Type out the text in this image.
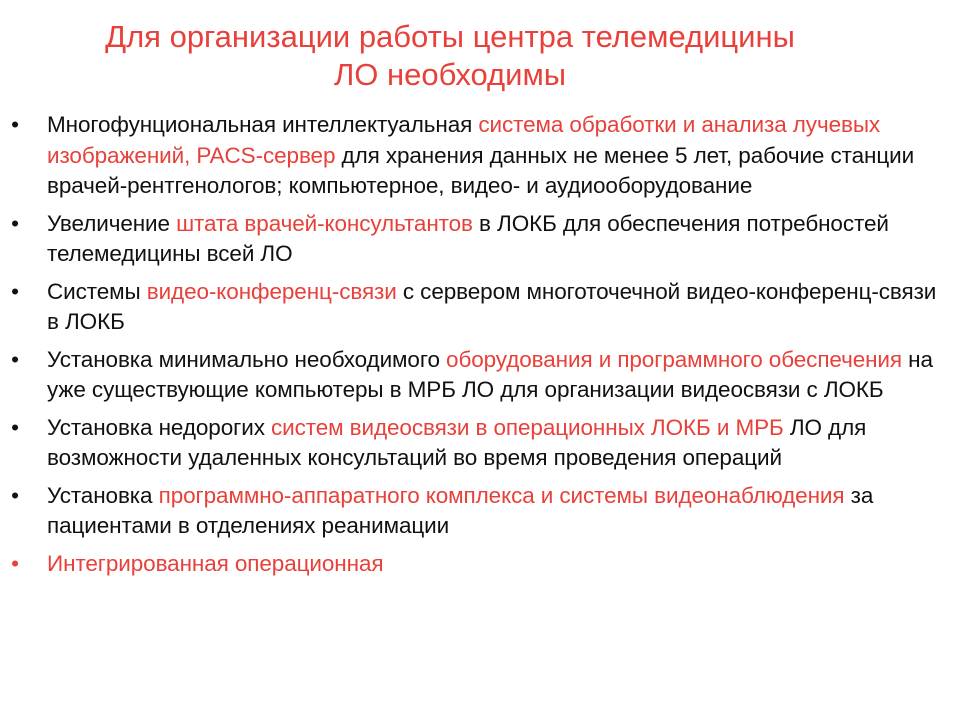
Для организации работы центра телемедицины
ЛО необходимы
• Многофунциональная интеллектуальная система обработки и анализа лучевых изображений, PACS-сервер для хранения данных не менее 5 лет, рабочие станции врачей-рентгенологов; компьютерное, видео- и аудиооборудование
• Увеличение штата врачей-консультантов в ЛОКБ для обеспечения потребностей телемедицины всей ЛО
• Системы видео-конференц-связи с сервером многоточечной видео-конференц-связи в ЛОКБ
• Установка минимально необходимого оборудования и программного обеспечения на уже существующие компьютеры в МРБ ЛО для организации видеосвязи с ЛОКБ
• Установка недорогих систем видеосвязи в операционных ЛОКБ и МРБ ЛО для возможности удаленных консультаций во время проведения операций
• Установка программно-аппаратного комплекса и системы видеонаблюдения за пациентами в отделениях реанимации
• Интегрированная операционная
